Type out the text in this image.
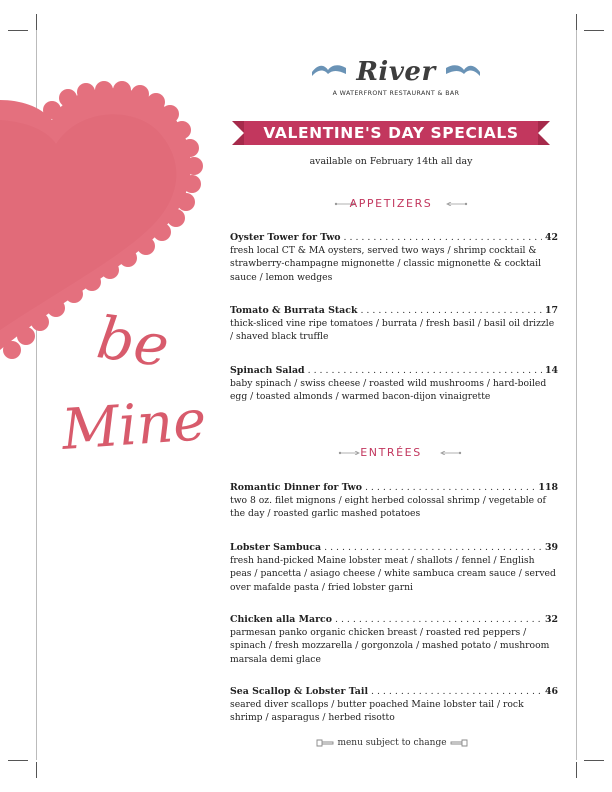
be
Mine
River
A WATERFRONT RESTAURANT & BAR
VALENTINE'S DAY SPECIALS
available on February 14th all day
APPETIZERS
Oyster Tower for Two . . .	42
fresh local CT & MA oysters, served two ways / shrimp cocktail & strawberry-champagne mignonette / classic mignonette & cocktail sauce / lemon wedges
Tomato & Burrata Stack . . .	17
thick-sliced vine ripe tomatoes / burrata / fresh basil / basil oil drizzle / shaved black truffle
Spinach Salad . . .	14
baby spinach / swiss cheese / roasted wild mushrooms / hard-boiled egg / toasted almonds / warmed bacon-dijon vinaigrette
ENTRÉES
Romantic Dinner for Two . . .	118
two 8 oz. filet mignons / eight herbed colossal shrimp / vegetable of the day / roasted garlic mashed potatoes
Lobster Sambuca . . .	39
fresh hand-picked Maine lobster meat / shallots / fennel / English peas / pancetta / asiago cheese / white sambuca cream sauce / served over mafalde pasta / fried lobster garni
Chicken alla Marco . . .	32
parmesan panko organic chicken breast / roasted red peppers / spinach / fresh mozzarella / gorgonzola / mashed potato / mushroom marsala demi glace
Sea Scallop & Lobster Tail . . .	46
seared diver scallops / butter poached Maine lobster tail / rock shrimp / asparagus / herbed risotto
menu subject to change
